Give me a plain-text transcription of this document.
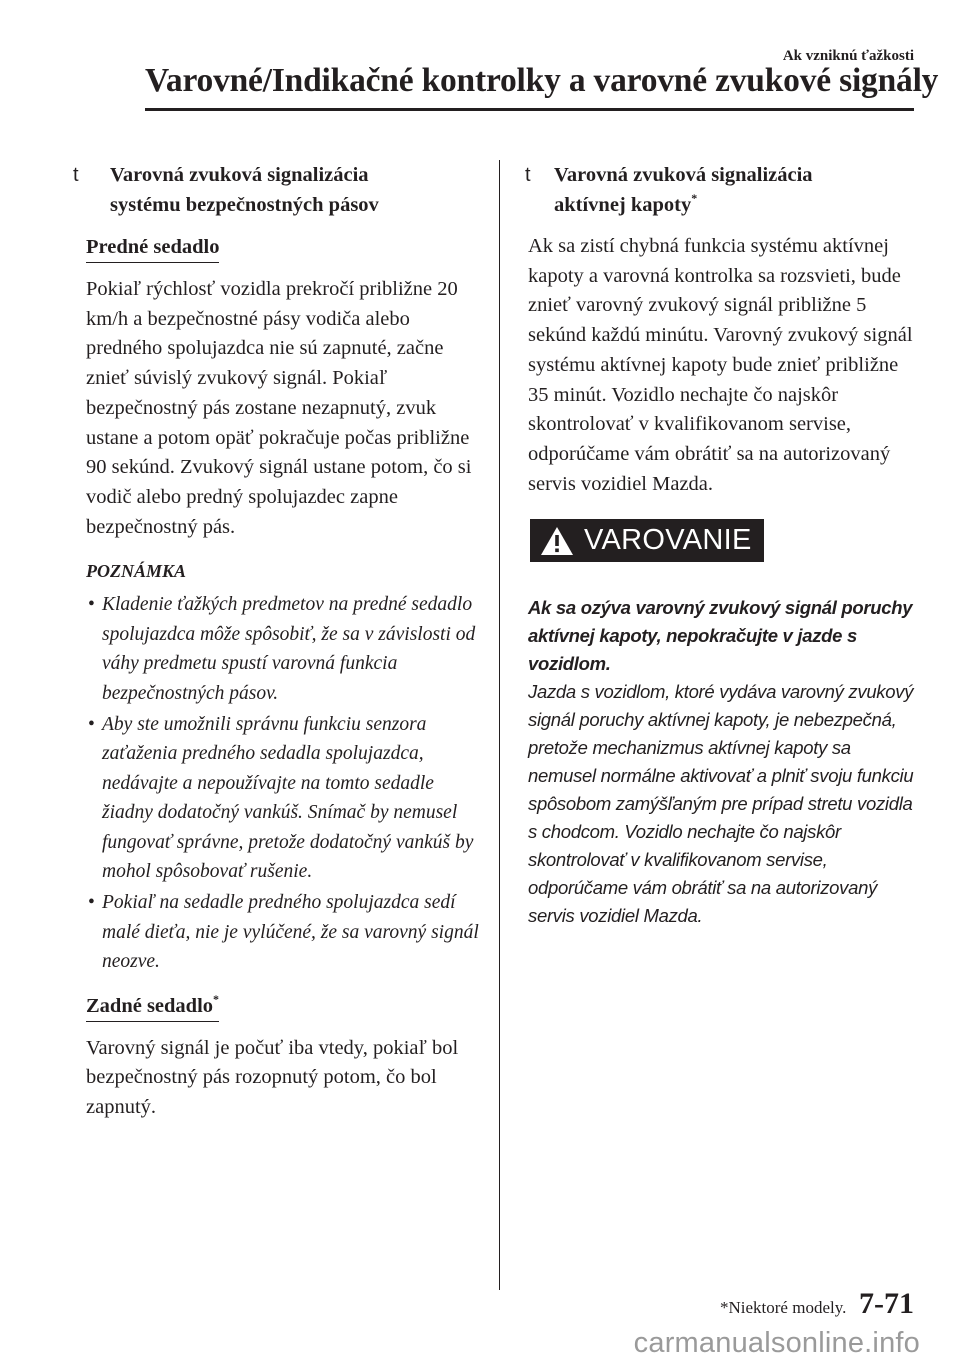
Ak vzniknú ťažkosti
Varovné/Indikačné kontrolky a varovné zvukové signály
t Varovná zvuková signalizácia
systému bezpečnostných pásov
Predné sedadlo

Pokiaľ rýchlosť vozidla prekročí približne 20 km/h a bezpečnostné pásy vodiča alebo predného spolujazdca nie sú zapnuté, začne znieť súvislý zvukový signál. Pokiaľ bezpečnostný pás zostane nezapnutý, zvuk ustane a potom opäť pokračuje počas približne 90 sekúnd. Zvukový signál ustane potom, čo si vodič alebo predný spolujazdec zapne bezpečnostný pás.

POZNÁMKA
• Kladenie ťažkých predmetov na predné sedadlo spolujazdca môže spôsobiť, že sa v závislosti od váhy predmetu spustí varovná funkcia bezpečnostných pásov.
• Aby ste umožnili správnu funkciu senzora zaťaženia predného sedadla spolujazdca, nedávajte a nepoužívajte na tomto sedadle žiadny dodatočný vankúš. Snímač by nemusel fungovať správne, pretože dodatočný vankúš by mohol spôsobovať rušenie.
• Pokiaľ na sedadle predného spolujazdca sedí malé dieťa, nie je vylúčené, že sa varovný signál neozve.
Zadné sedadlo*

Varovný signál je počuť iba vtedy, pokiaľ bol bezpečnostný pás rozopnutý potom, čo bol zapnutý.

t Varovná zvuková signalizácia
aktívnej kapoty*

Ak sa zistí chybná funkcia systému aktívnej kapoty a varovná kontrolka sa rozsvieti, bude znieť varovný zvukový signál približne 5 sekúnd každú minútu. Varovný zvukový signál systému aktívnej kapoty bude znieť približne 35 minút. Vozidlo nechajte čo najskôr skontrolovať v kvalifikovanom servise, odporúčame vám obrátiť sa na autorizovaný servis vozidiel Mazda.

VAROVANIE
Ak sa ozýva varovný zvukový signál poruchy aktívnej kapoty, nepokračujte v jazde s vozidlom.
Jazda s vozidlom, ktoré vydáva varovný zvukový signál poruchy aktívnej kapoty, je nebezpečná, pretože mechanizmus aktívnej kapoty sa nemusel normálne aktivovať a plniť svoju funkciu spôsobom zamýšľaným pre prípad stretu vozidla s chodcom. Vozidlo nechajte čo najskôr skontrolovať v kvalifikovanom servise, odporúčame vám obrátiť sa na autorizovaný servis vozidiel Mazda.
*Niektoré modely. 7-71
carmanualsonline.info
